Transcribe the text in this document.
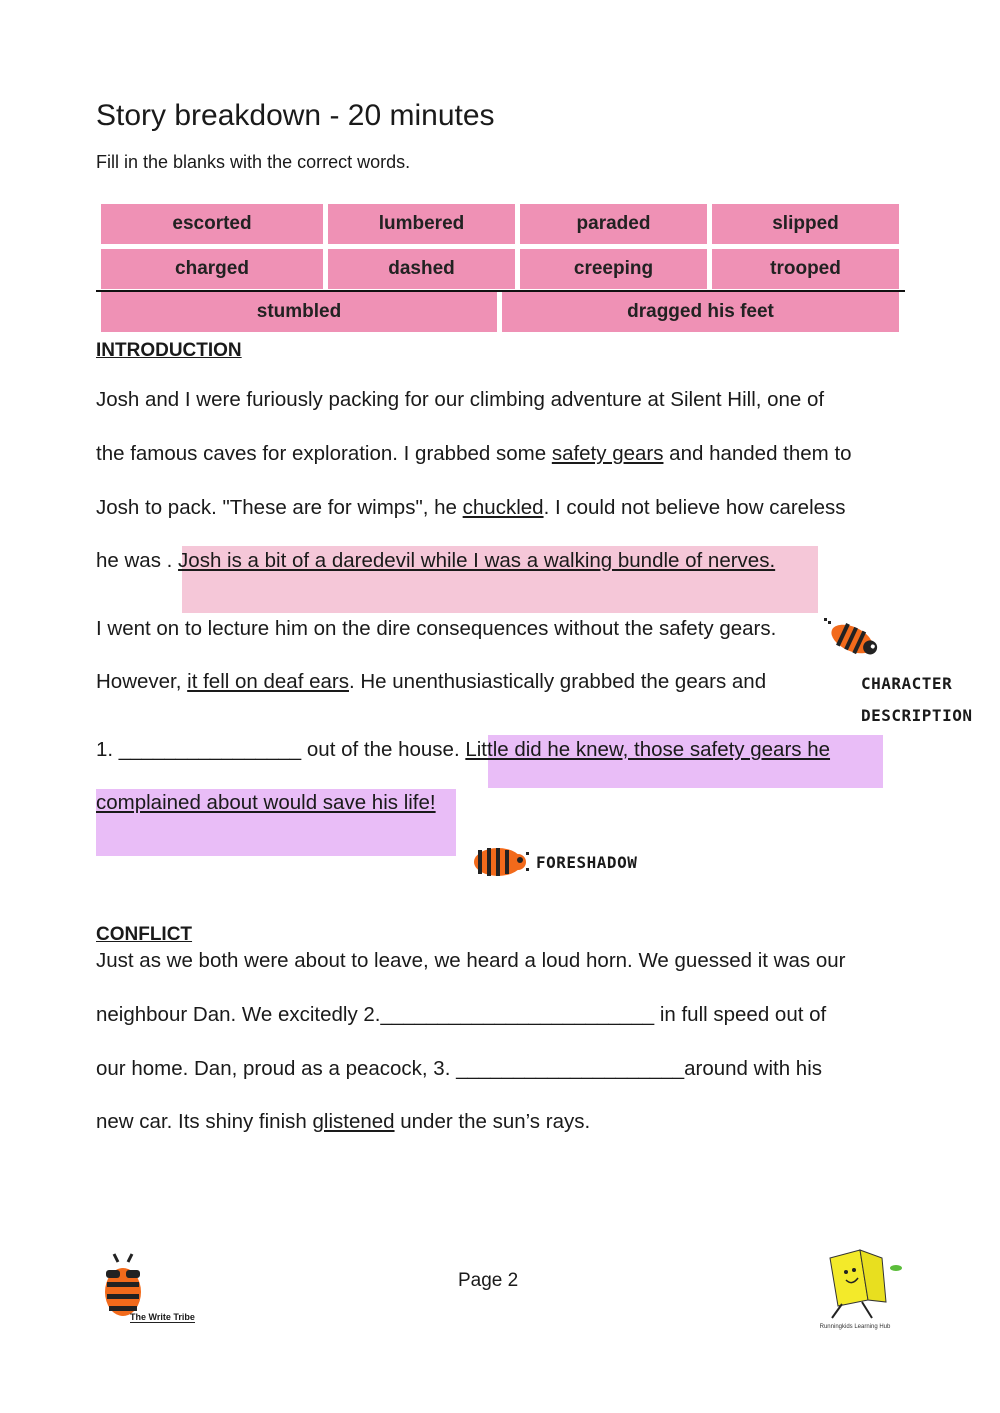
Story breakdown - 20 minutes
Fill in the blanks with the correct words.
escorted	lumbered	paraded	slipped
charged	dashed	creeping	trooped
stumbled	dragged his feet
INTRODUCTION
Josh and I were furiously packing for our climbing adventure at Silent Hill, one of
the famous caves for exploration. I grabbed some safety gears and handed them to
Josh to pack. "These are for wimps", he chuckled. I could not believe how careless
he was . Josh is a bit of a daredevil while I was a walking bundle of nerves.
I went on to lecture him on the dire consequences without the safety gears.
However, it fell on deaf ears. He unenthusiastically grabbed the gears and	CHARACTER
DESCRIPTION
1. ________________ out of the house. Little did he knew, those safety gears he
complained about would save his life!
FORESHADOW
CONFLICT
Just as we both were about to leave, we heard a loud horn. We guessed it was our
neighbour Dan. We excitedly 2.________________________ in full speed out of
our home. Dan, proud as a peacock, 3. ____________________around with his
new car. Its shiny finish glistened under the sun’s rays.
Page 2
The Write Tribe
Runningkids Learning Hub
